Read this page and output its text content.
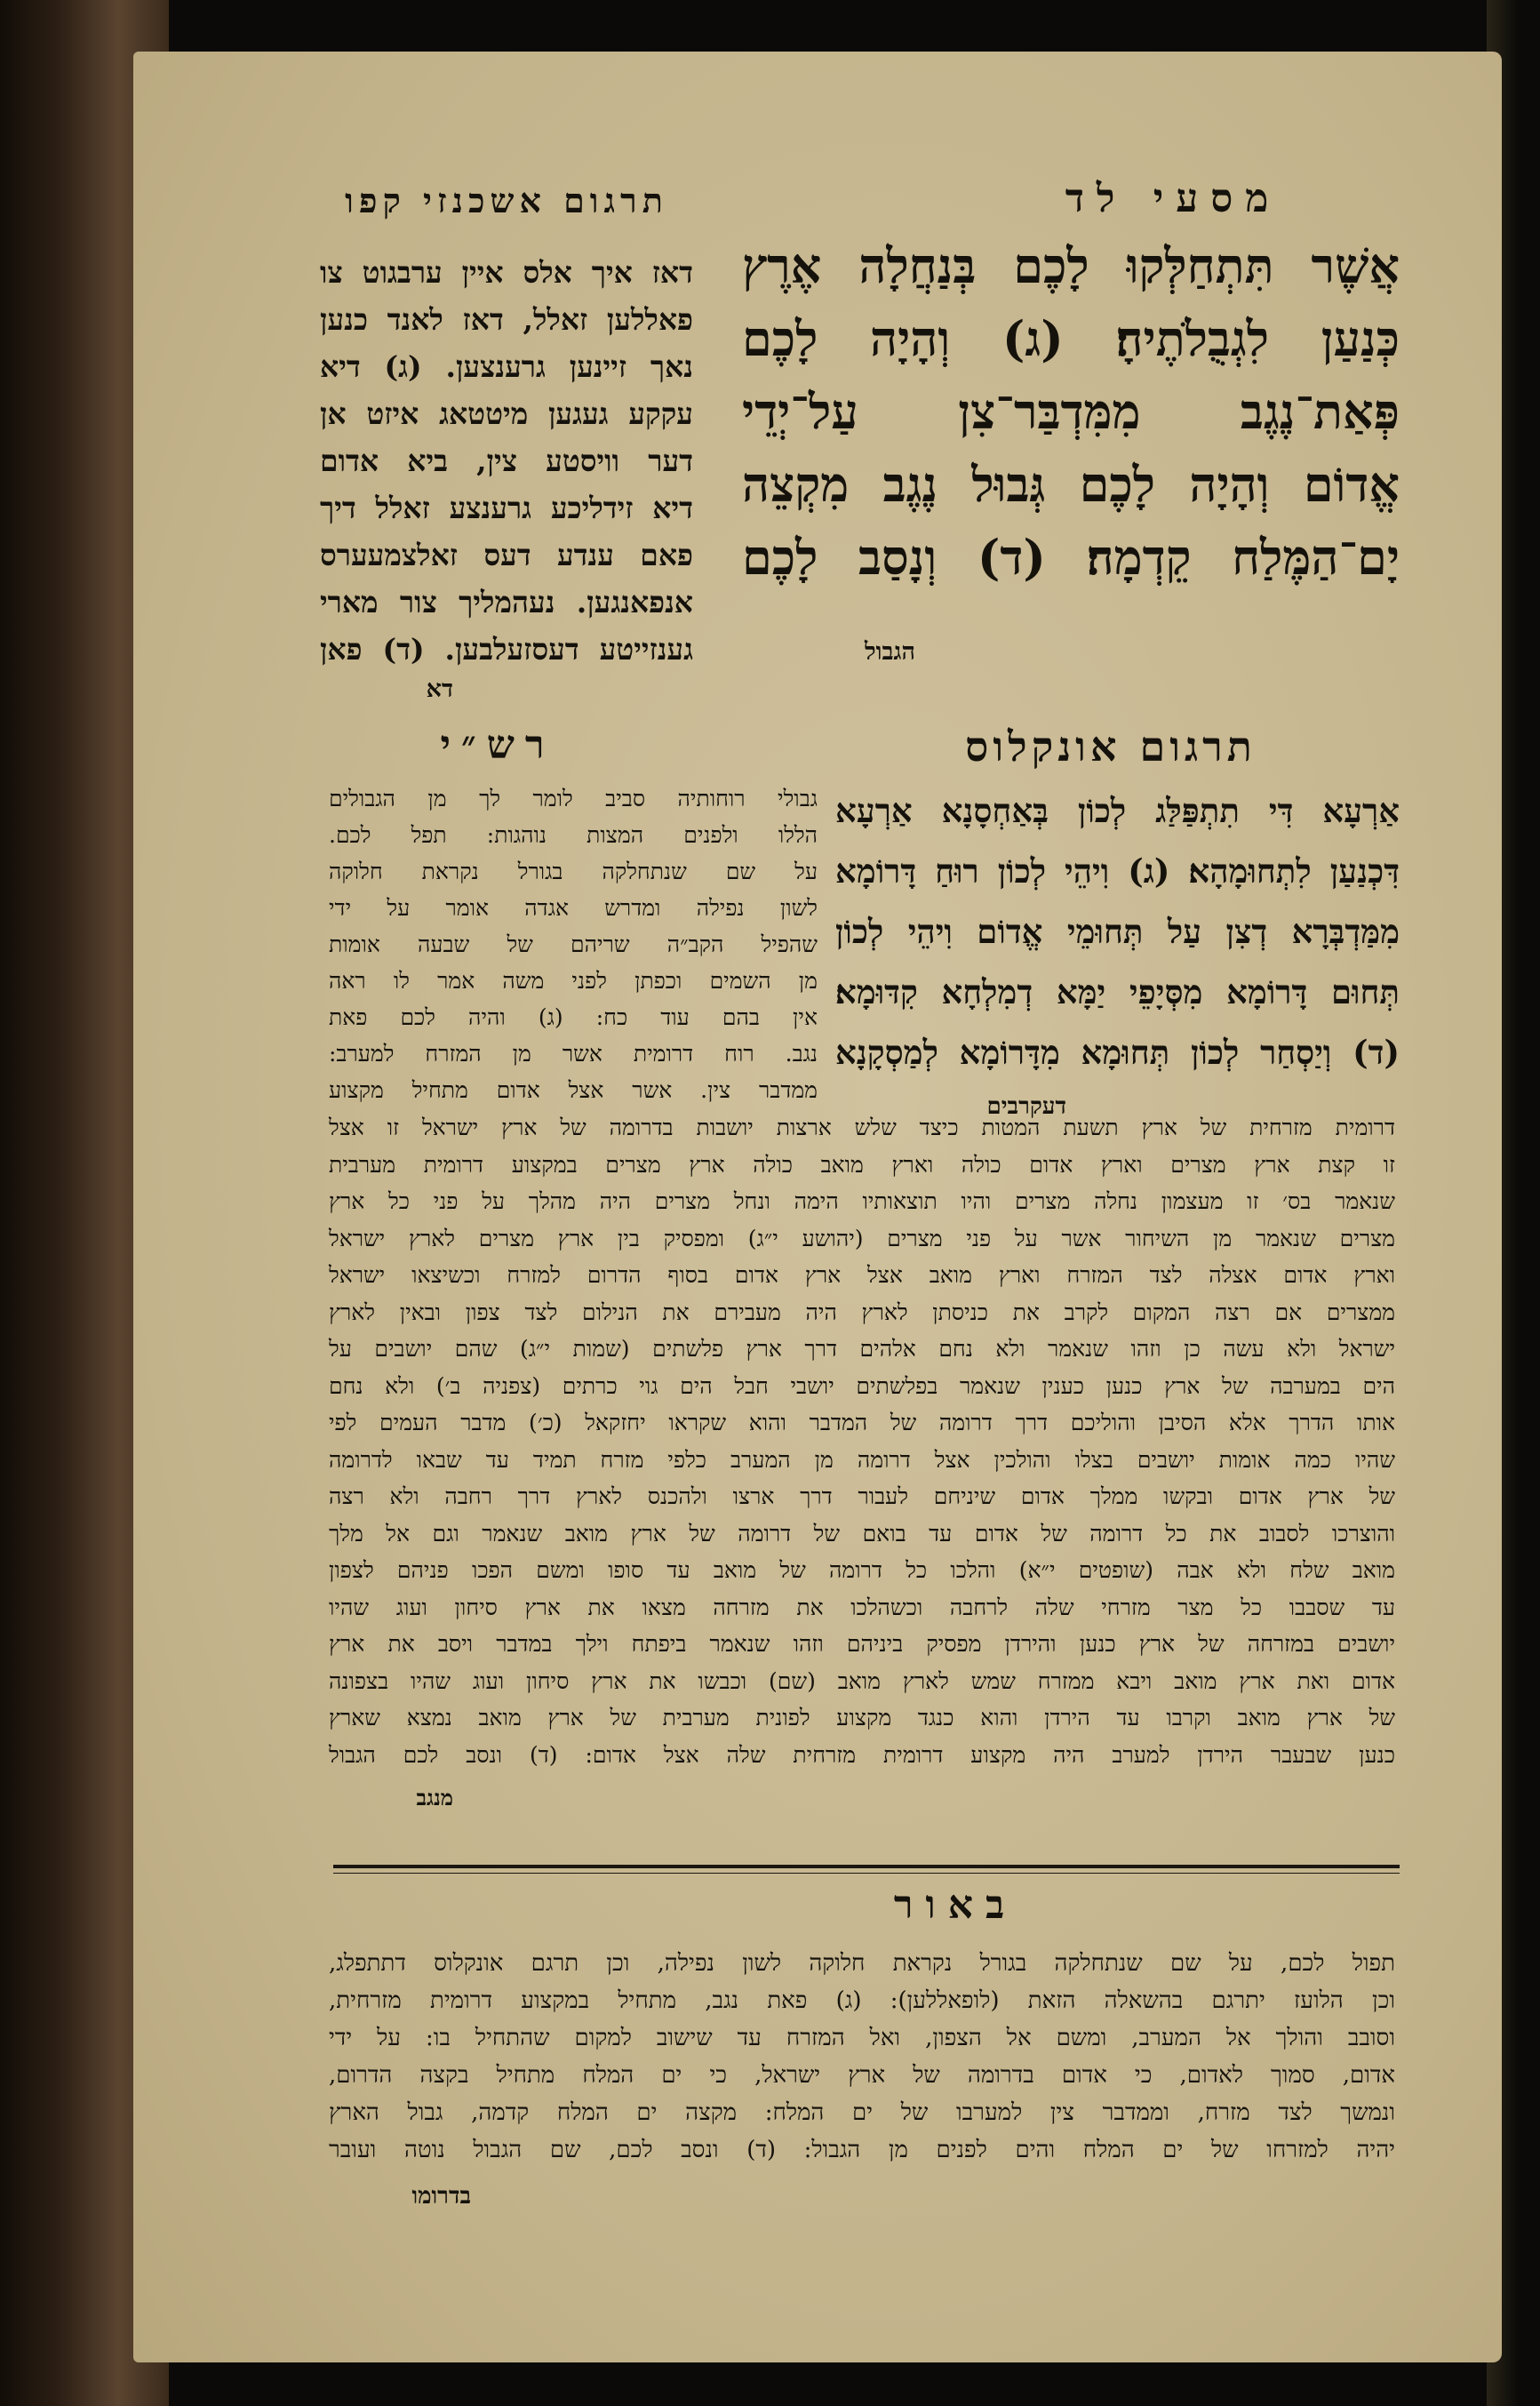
מסעי לד
תרגום אשכנזי קפו
אֲשֶׁר תִּתְחַלְּקוּ לָכֶם בְּנַחֲלָה אֶרֶץ
כְּנַעַן לִגְבֻלֹתֶיהָ׃ (ג) וְהָיָה לָכֶם
פְּאַת־נֶגֶב מִמִּדְבַּר־צִן עַל־יְדֵי
אֱדוֹם וְהָיָה לָכֶם גְּבוּל נֶגֶב מִקְצֵה
יָם־הַמֶּלַח קֵדְמָה׃ (ד) וְנָסַב לָכֶם
הגבול
דאז איך אלס איין ערבגוט צו
פאללען זאלל, דאז לאנד כנען
נאך זיינען גרענצען. (ג) דיא
עקקע געגען מיטטאג איזט אן
דער וויסטע צין, ביא אדום
דיא זידליכע גרענצע זאלל דיך
פאם ענדע דעס זאלצמעערס
אנפאנגען. נעהמליך צור מארי
גענזייטע דעסזעלבען. (ד) פאן
דא
תרגום אונקלוס
רש״י
אַרְעָא דִּי תִתְפַּלַּג לְכוֹן בְּאַחְסָנָא אַרְעָא
דִּכְנַעַן לִתְחוּמָהָא׃ (ג) וִיהֵי לְכוֹן רוּחַ דָּרוֹמָא
מִמַּדְבְּרָא דְצִן עַל תְּחוּמֵי אֱדוֹם וִיהֵי לְכוֹן
תְּחוּם דָּרוֹמָא מִסְּיָפֵי יַמָּא דְמִלְחָא קִדּוּמָא׃
(ד) וְיַסְחַר לְכוֹן תְּחוּמָא מִדָּרוֹמָא לְמַסְקָנָא
דעקרבים
גבולי רוחותיה סביב לומר לך מן הגבולים
הללו ולפנים המצות נוהגות: תפל לכם.
על שם שנתחלקה בגורל נקראת חלוקה
לשון נפילה ומדרש אגדה אומר על ידי
שהפיל הקב״ה שריהם של שבעה אומות
מן השמים וכפתן לפני משה אמר לו ראה
אין בהם עוד כח: (ג) והיה לכם פאת
נגב. רוח דרומית אשר מן המזרח למערב:
ממדבר צין. אשר אצל אדום מתחיל מקצוע
דרומית מזרחית של ארץ תשעת המטות כיצד שלש ארצות יושבות בדרומה של ארץ ישראל זו אצל
זו קצת ארץ מצרים וארץ אדום כולה וארץ מואב כולה ארץ מצרים במקצוע דרומית מערבית
שנאמר בס׳ זו מעצמון נחלה מצרים והיו תוצאותיו הימה ונחל מצרים היה מהלך על פני כל ארץ
מצרים שנאמר מן השיחור אשר על פני מצרים (יהושע י״ג) ומפסיק בין ארץ מצרים לארץ ישראל
וארץ אדום אצלה לצד המזרח וארץ מואב אצל ארץ אדום בסוף הדרום למזרח וכשיצאו ישראל
ממצרים אם רצה המקום לקרב את כניסתן לארץ היה מעבירם את הנילום לצד צפון ובאין לארץ
ישראל ולא עשה כן וזהו שנאמר ולא נחם אלהים דרך ארץ פלשתים (שמות י״ג) שהם יושבים על
הים במערבה של ארץ כנען כענין שנאמר בפלשתים יושבי חבל הים גוי כרתים (צפניה ב׳) ולא נחם
אותו הדרך אלא הסיבן והוליכם דרך דרומה של המדבר והוא שקראו יחזקאל (כ׳) מדבר העמים לפי
שהיו כמה אומות יושבים בצלו והולכין אצל דרומה מן המערב כלפי מזרח תמיד עד שבאו לדרומה
של ארץ אדום ובקשו ממלך אדום שיניחם לעבור דרך ארצו ולהכנס לארץ דרך רחבה ולא רצה
והוצרכו לסבוב את כל דרומה של אדום עד בואם של דרומה של ארץ מואב שנאמר וגם אל מלך
מואב שלח ולא אבה (שופטים י״א) והלכו כל דרומה של מואב עד סופו ומשם הפכו פניהם לצפון
עד שסבבו כל מצר מזרחי שלה לרחבה וכשהלכו את מזרחה מצאו את ארץ סיחון ועוג שהיו
יושבים במזרחה של ארץ כנען והירדן מפסיק ביניהם וזהו שנאמר ביפתח וילך במדבר ויסב את ארץ
אדום ואת ארץ מואב ויבא ממזרח שמש לארץ מואב (שם) וכבשו את ארץ סיחון ועוג שהיו בצפונה
של ארץ מואב וקרבו עד הירדן והוא כנגד מקצוע לפונית מערבית של ארץ מואב נמצא שארץ
כנען שבעבר הירדן למערב היה מקצוע דרומית מזרחית שלה אצל אדום: (ד) ונסב לכם הגבול
מנגב
באור
תפול לכם, על שם שנתחלקה בגורל נקראת חלוקה לשון נפילה, וכן תרגם אונקלוס דתתפלג,
וכן הלועז יתרגם בהשאלה הזאת (לופאללען): (ג) פאת נגב, מתחיל במקצוע דרומית מזרחית,
וסובב והולך אל המערב, ומשם אל הצפון, ואל המזרח עד שישוב למקום שהתחיל בו: על ידי
אדום, סמוך לאדום, כי אדום בדרומה של ארץ ישראל, כי ים המלח מתחיל בקצה הדרום,
ונמשך לצד מזרח, וממדבר צין למערבו של ים המלח: מקצה ים המלח קדמה, גבול הארץ
יהיה למזרחו של ים המלח והים לפנים מן הגבול: (ד) ונסב לכם, שם הגבול נוטה ועובר
בדרומו
